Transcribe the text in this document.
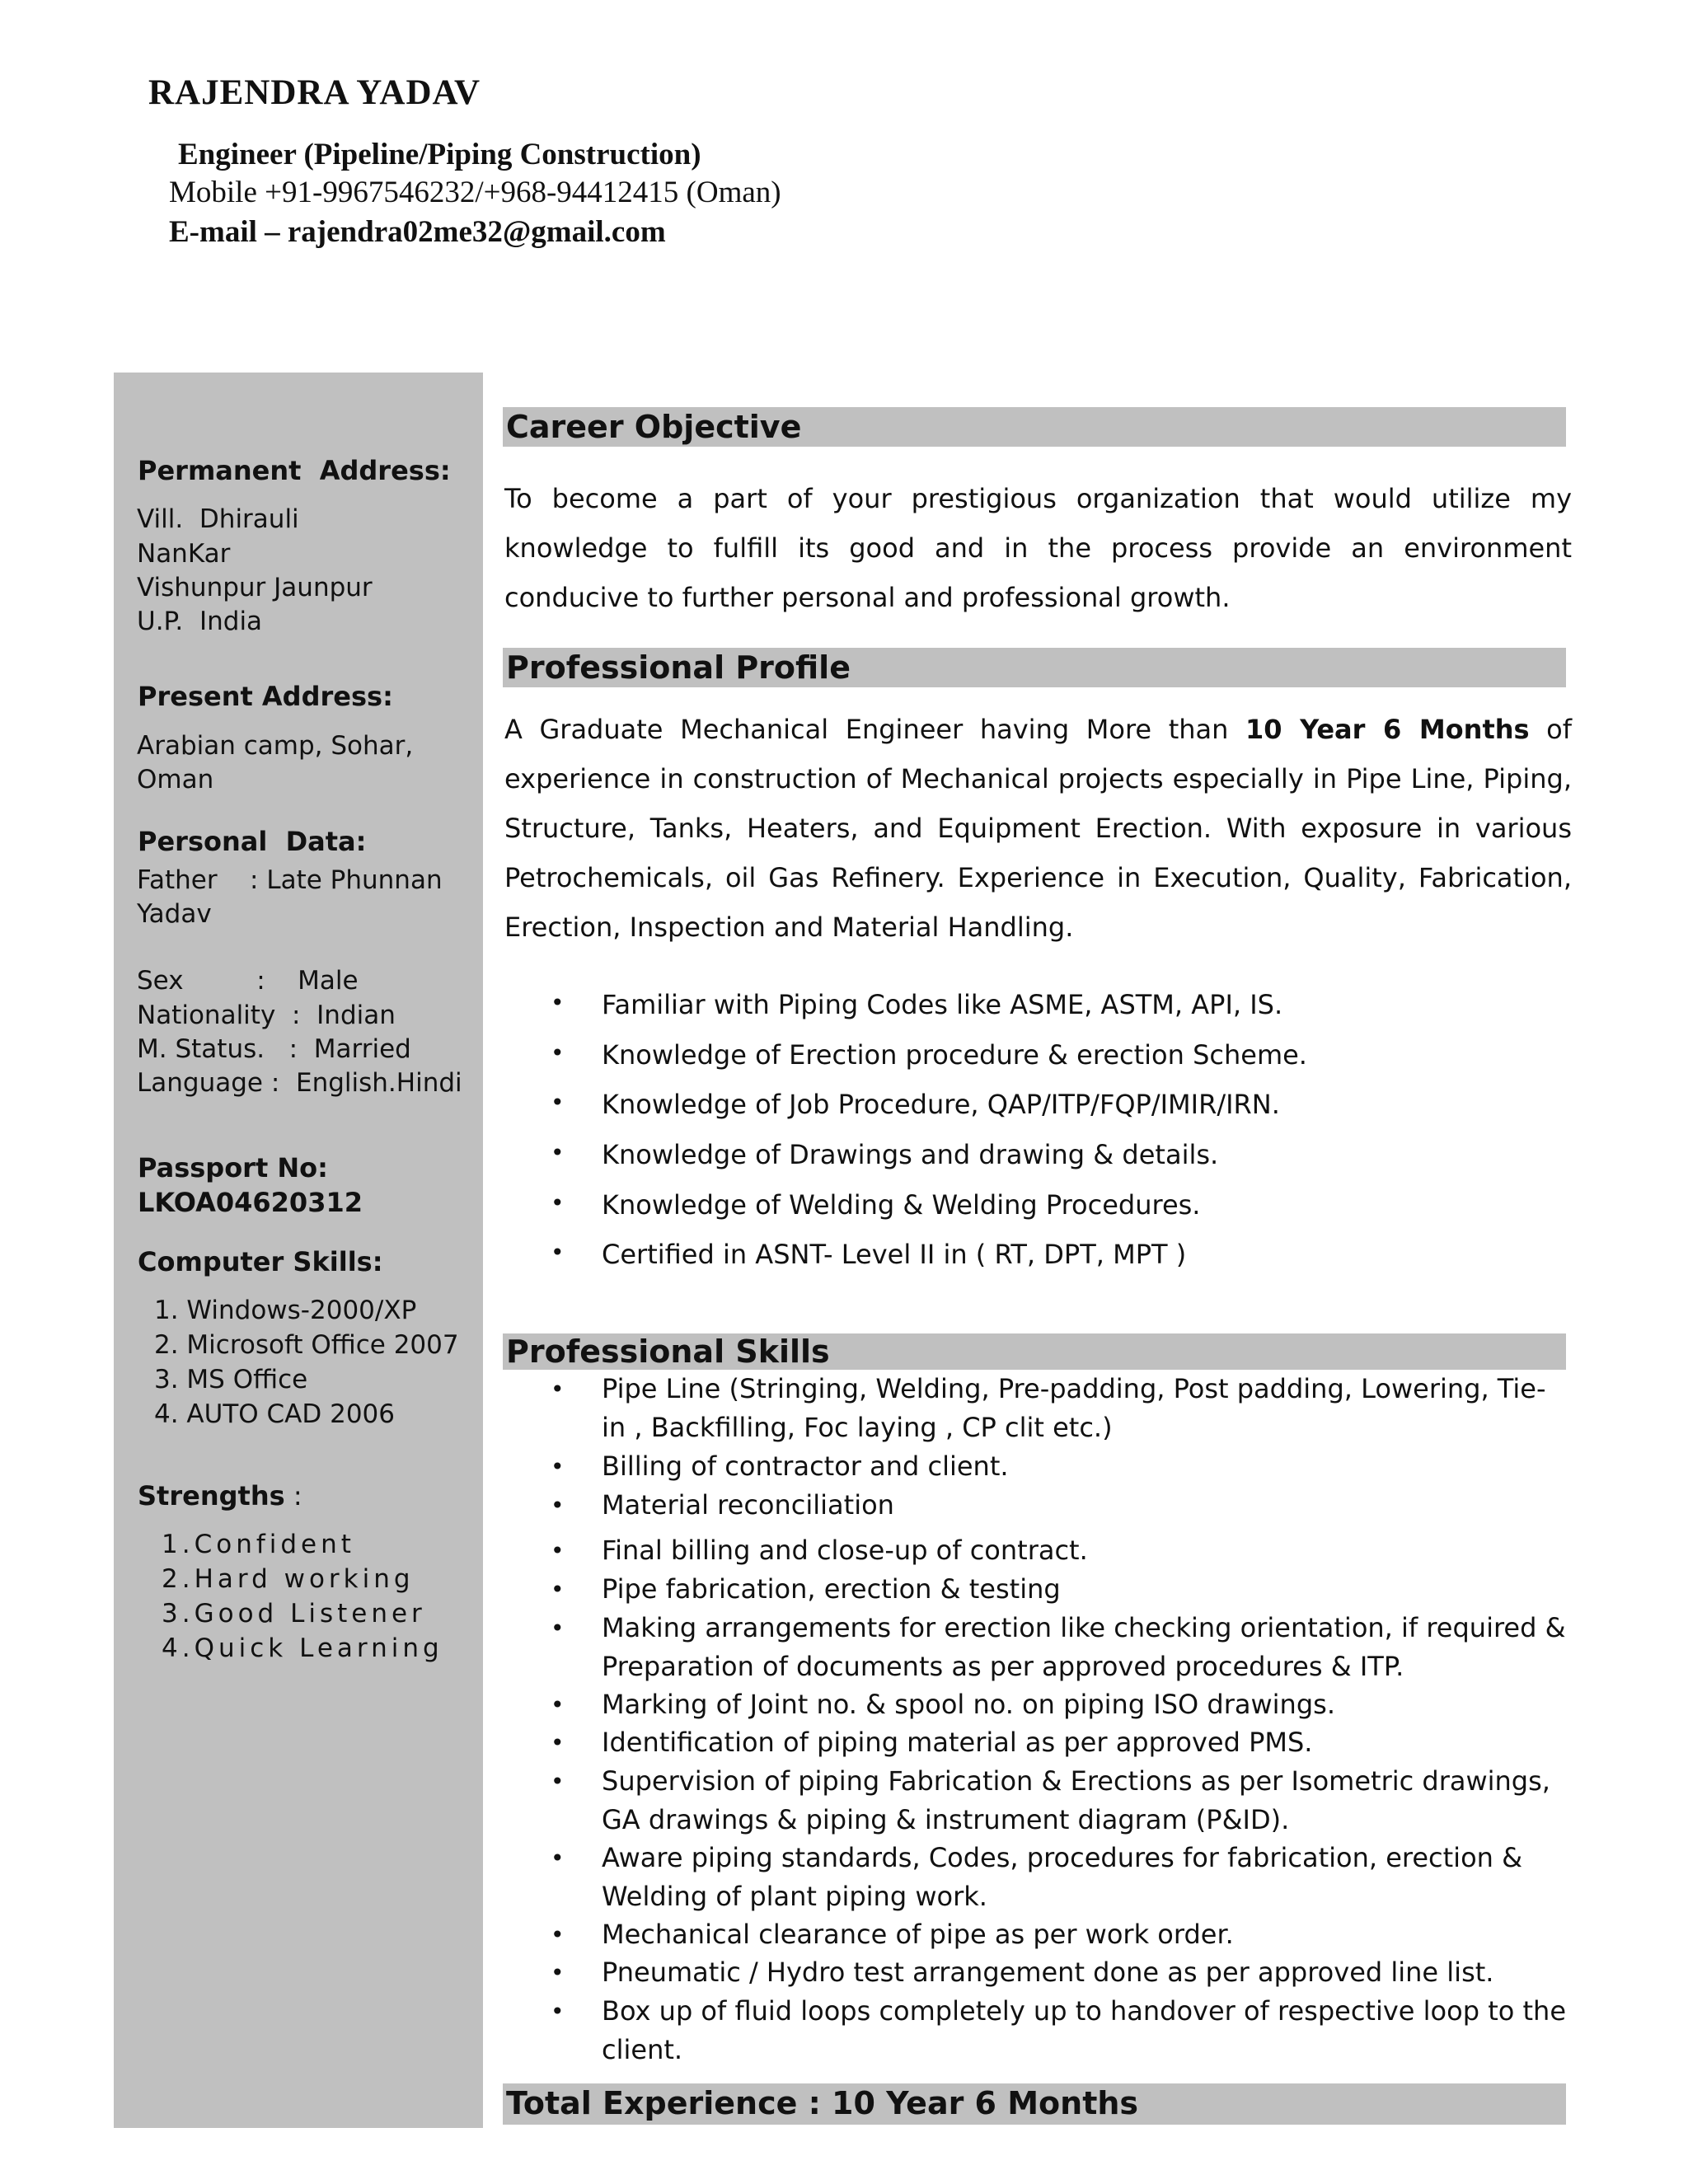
RAJENDRA YADAV
Engineer (Pipeline/Piping Construction)
Mobile +91-9967546232/+968-94412415 (Oman)
E-mail – rajendra02me32@gmail.com
Permanent  Address:
Vill.  Dhirauli
NanKar
Vishunpur Jaunpur
U.P.  India
Present Address:
Arabian camp, Sohar,
Oman
Personal  Data:
Father    : Late Phunnan
Yadav
Sex         :    Male
Nationality  :  Indian
M. Status.   :  Married
Language :  English.Hindi
Passport No:
LKOA04620312
Computer Skills:
1. Windows-2000/XP
2. Microsoft Office 2007
3. MS Office
4. AUTO CAD 2006
Strengths :
1.Confident
2.Hard working
3.Good Listener
4.Quick Learning
Career Objective
To become a part of your prestigious organization that would utilize my knowledge to fulfill its good and in the process provide an environment conducive to further personal and professional growth.
Professional Profile
A Graduate Mechanical Engineer having More than 10 Year 6 Months of experience in construction of Mechanical projects especially in Pipe Line, Piping, Structure, Tanks, Heaters, and Equipment Erection. With exposure in various Petrochemicals, oil Gas Refinery. Experience in Execution, Quality, Fabrication, Erection, Inspection and Material Handling.
• Familiar with Piping Codes like ASME, ASTM, API, IS.
• Knowledge of Erection procedure & erection Scheme.
• Knowledge of Job Procedure, QAP/ITP/FQP/IMIR/IRN.
• Knowledge of Drawings and drawing & details.
• Knowledge of Welding & Welding Procedures.
• Certified in ASNT- Level II in ( RT, DPT, MPT )
Professional Skills
• Pipe Line (Stringing, Welding, Pre-padding, Post padding, Lowering, Tie-in , Backfilling, Foc laying , CP clit etc.)
• Billing of contractor and client.
• Material reconciliation
• Final billing and close-up of contract.
• Pipe fabrication, erection & testing
• Making arrangements for erection like checking orientation, if required & Preparation of documents as per approved procedures & ITP.
• Marking of Joint no. & spool no. on piping ISO drawings.
• Identification of piping material as per approved PMS.
• Supervision of piping Fabrication & Erections as per Isometric drawings, GA drawings & piping & instrument diagram (P&ID).
• Aware piping standards, Codes, procedures for fabrication, erection & Welding of plant piping work.
• Mechanical clearance of pipe as per work order.
• Pneumatic / Hydro test arrangement done as per approved line list.
• Box up of fluid loops completely up to handover of respective loop to the client.
Total Experience : 10 Year 6 Months
